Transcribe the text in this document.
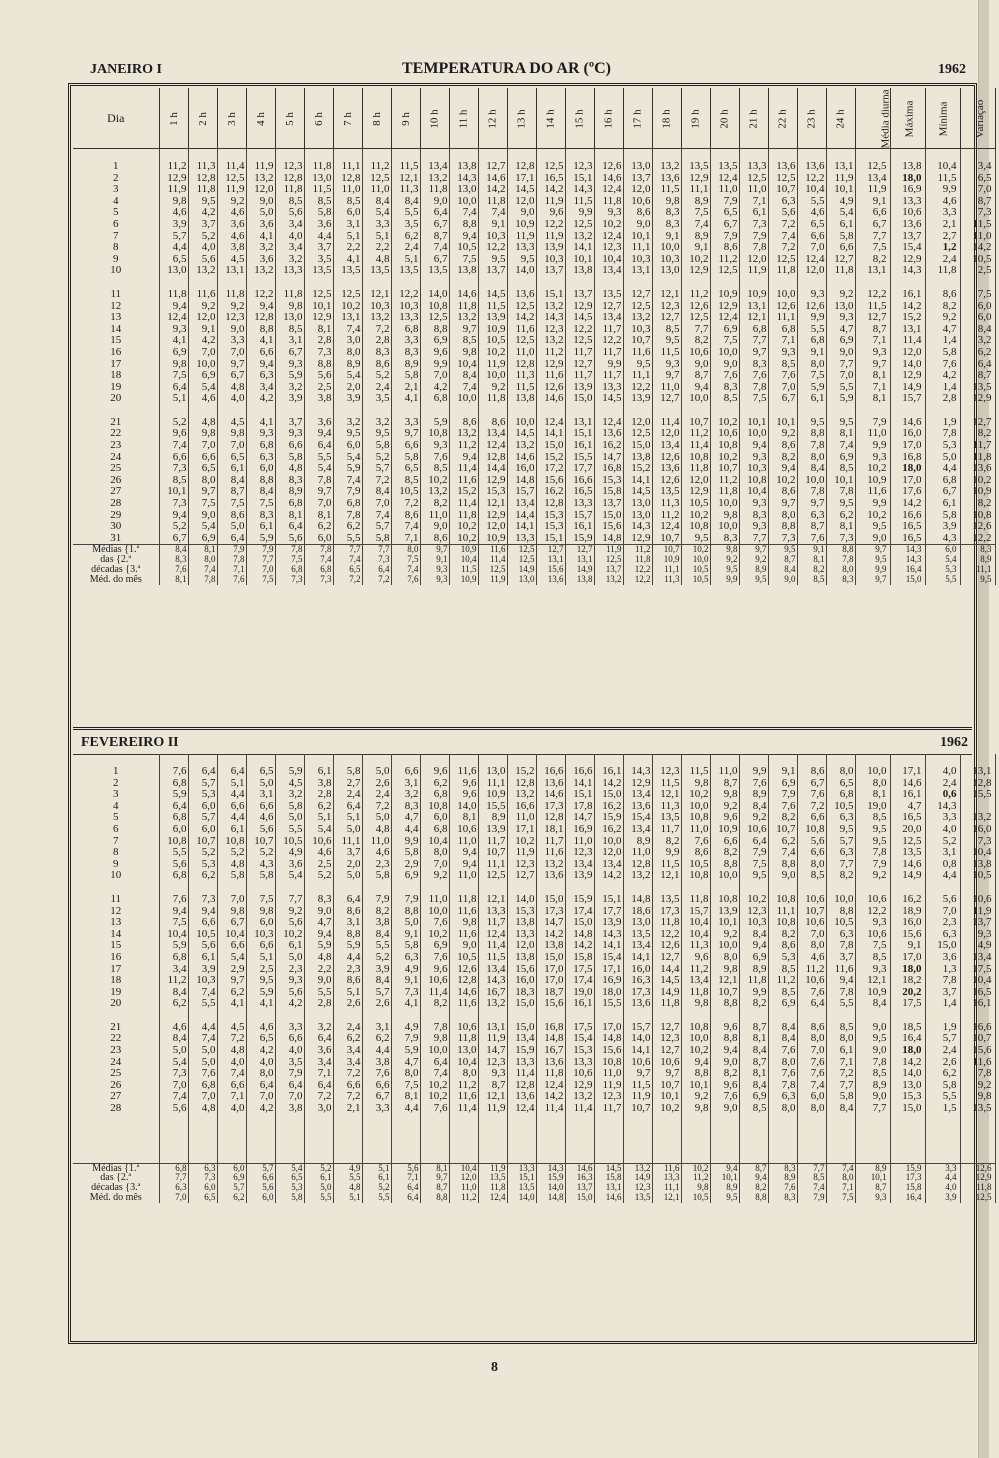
JANEIRO I	TEMPERATURA DO AR (ºC)	1962
Dia	1 h	2 h	3 h	4 h	5 h	6 h	7 h	8 h	9 h	10 h	11 h	12 h	13 h	14 h	15 h	16 h	17 h	18 h	19 h	20 h	21 h	22 h	23 h	24 h	Média diurna	Máxima	Mínima	Variação

1	11,2	11,3	11,4	11,9	12,3	11,8	11,1	11,2	11,5	13,4	13,8	12,7	12,8	12,5	12,3	12,6	13,0	13,2	13,5	13,5	13,3	13,6	13,6	13,1	12,5	13,8	10,4	3,4
2	12,9	12,8	12,5	13,2	12,8	13,0	12,8	12,5	12,1	13,2	14,3	14,6	17,1	16,5	15,1	14,6	13,7	13,6	12,9	12,4	12,5	12,5	12,2	11,9	13,4	18,0	11,5	6,5
3	11,9	11,8	11,9	12,0	11,8	11,5	11,0	11,0	11,3	11,8	13,0	14,2	14,5	14,2	14,3	12,4	12,0	11,5	11,1	11,0	11,0	10,7	10,4	10,1	11,9	16,9	9,9	7,0
4	9,8	9,5	9,2	9,0	8,5	8,5	8,5	8,4	8,4	9,0	10,0	11,8	12,0	11,9	11,5	11,8	10,6	9,8	8,9	7,9	7,1	6,3	5,5	4,9	9,1	13,3	4,6	8,7
5	4,6	4,2	4,6	5,0	5,6	5,8	6,0	5,4	5,5	6,4	7,4	7,4	9,0	9,6	9,9	9,3	8,6	8,3	7,5	6,5	6,1	5,6	4,6	5,4	6,6	10,6	3,3	7,3
6	3,9	3,7	3,6	3,6	3,4	3,6	3,1	3,3	3,5	6,7	8,8	9,1	10,9	12,2	12,5	10,2	9,0	8,3	7,4	6,7	7,3	7,2	6,5	6,1	6,7	13,6	2,1	11,5
7	5,7	5,2	4,6	4,1	4,0	4,4	5,1	5,1	6,2	8,7	9,4	10,3	11,9	11,9	13,2	12,4	10,1	9,1	8,9	7,9	7,9	7,4	6,6	5,8	7,7	13,7	2,7	11,0
8	4,4	4,0	3,8	3,2	3,4	3,7	2,2	2,2	2,4	7,4	10,5	12,2	13,3	13,9	14,1	12,3	11,1	10,0	9,1	8,6	7,8	7,2	7,0	6,6	7,5	15,4	1,2	14,2
9	6,5	5,6	4,5	3,6	3,2	3,5	4,1	4,8	5,1	6,7	7,5	9,5	9,5	10,3	10,1	10,4	10,3	10,3	10,2	11,2	12,0	12,5	12,4	12,7	8,2	12,9	2,4	10,5
10	13,0	13,2	13,1	13,2	13,3	13,5	13,5	13,5	13,5	13,5	13,8	13,7	14,0	13,7	13,8	13,4	13,1	13,0	12,9	12,5	11,9	11,8	12,0	11,8	13,1	14,3	11,8	2,5

11	11,8	11,6	11,8	12,2	11,8	12,5	12,5	12,1	12,2	14,0	14,6	14,5	13,6	15,1	13,7	13,5	12,7	12,1	11,2	10,9	10,9	10,0	9,3	9,2	12,2	16,1	8,6	7,5
12	9,4	9,2	9,2	9,4	9,8	10,1	10,2	10,3	10,3	10,8	11,8	11,5	12,5	13,2	12,9	12,7	12,5	12,3	12,6	12,9	13,1	12,6	12,6	13,0	11,5	14,2	8,2	6,0
13	12,4	12,0	12,3	12,8	13,0	12,9	13,1	13,2	13,3	12,5	13,2	13,9	14,2	14,3	14,5	13,4	13,2	12,7	12,5	12,4	12,1	11,1	9,9	9,3	12,7	15,2	9,2	6,0
14	9,3	9,1	9,0	8,8	8,5	8,1	7,4	7,2	6,8	8,8	9,7	10,9	11,6	12,3	12,2	11,7	10,3	8,5	7,7	6,9	6,8	6,8	5,5	4,7	8,7	13,1	4,7	8,4
15	4,1	4,2	3,3	4,1	3,1	2,8	3,0	2,8	3,3	6,9	8,5	10,5	12,5	13,2	12,5	12,2	10,7	9,5	8,2	7,5	7,7	7,1	6,8	6,9	7,1	11,4	1,4	3,2
16	6,9	7,0	7,0	6,6	6,7	7,3	8,0	8,3	8,3	9,6	9,8	10,2	11,0	11,2	11,7	11,7	11,6	11,5	10,6	10,0	9,7	9,3	9,1	9,0	9,3	12,0	5,8	6,2
17	9,8	10,0	9,7	9,4	9,3	8,8	8,9	8,6	8,9	9,9	10,4	11,9	12,8	12,9	12,7	9,9	9,5	9,3	9,0	9,0	8,3	8,5	8,0	7,7	9,7	14,0	7,6	6,4
18	7,5	6,9	6,7	6,3	5,9	5,6	5,4	5,2	5,8	7,0	8,4	10,0	11,3	11,6	11,7	11,7	11,1	9,7	8,7	7,6	7,6	7,6	7,5	7,0	8,1	12,9	4,2	8,7
19	6,4	5,4	4,8	3,4	3,2	2,5	2,0	2,4	2,1	4,2	7,4	9,2	11,5	12,6	13,9	13,3	12,2	11,0	9,4	8,3	7,8	7,0	5,9	5,5	7,1	14,9	1,4	13,5
20	5,1	4,6	4,0	4,2	3,9	3,8	3,9	3,5	4,1	6,8	10,0	11,8	13,8	14,6	15,0	14,5	13,9	12,7	10,0	8,5	7,5	6,7	6,1	5,9	8,1	15,7	2,8	12,9

21	5,2	4,8	4,5	4,1	3,7	3,6	3,2	3,2	3,3	5,9	8,6	8,6	10,0	12,4	13,1	12,4	12,0	11,4	10,7	10,2	10,1	10,1	9,5	9,5	7,9	14,6	1,9	12,7
22	9,6	9,8	9,8	9,3	9,3	9,4	9,5	9,5	9,7	10,8	13,2	13,4	14,5	14,1	15,1	13,6	12,5	12,0	11,2	10,6	10,0	9,2	8,8	8,1	11,0	16,0	7,8	8,2
23	7,4	7,0	7,0	6,8	6,6	6,4	6,0	5,8	6,6	9,3	11,2	12,4	13,2	15,0	16,1	16,2	15,0	13,4	11,4	10,8	9,4	8,6	7,8	7,4	9,9	17,0	5,3	11,7
24	6,6	6,6	6,5	6,3	5,8	5,5	5,4	5,2	5,8	7,6	9,4	12,8	14,6	15,2	15,5	14,7	13,8	12,6	10,8	10,2	9,3	8,2	8,0	6,9	9,3	16,8	5,0	11,8
25	7,3	6,5	6,1	6,0	4,8	5,4	5,9	5,7	6,5	8,5	11,4	14,4	16,0	17,2	17,7	16,8	15,2	13,6	11,8	10,7	10,3	9,4	8,4	8,5	10,2	18,0	4,4	13,6
26	8,5	8,0	8,4	8,8	8,3	7,8	7,4	7,2	8,5	10,2	11,6	12,9	14,8	15,6	16,6	15,3	14,1	12,6	12,0	11,2	10,8	10,2	10,0	10,1	10,9	17,0	6,8	10,2
27	10,1	9,7	8,7	8,4	8,9	9,7	7,9	8,4	10,5	13,2	15,2	15,3	15,7	16,2	16,5	15,8	14,5	13,5	12,9	11,8	10,4	8,6	7,8	7,8	11,6	17,6	6,7	10,9
28	7,3	7,5	7,5	7,5	6,8	7,0	6,8	7,0	7,2	8,2	11,4	12,1	13,4	12,8	13,3	13,7	13,0	11,3	10,5	10,0	9,3	9,7	9,7	9,5	9,9	14,2	6,1	8,2
29	9,4	9,0	8,6	8,3	8,1	8,1	7,8	7,4	8,6	11,0	11,8	12,9	14,4	15,3	15,7	15,0	13,0	11,2	10,2	9,8	8,3	8,0	6,3	6,2	10,2	16,6	5,8	10,8
30	5,2	5,4	5,0	6,1	6,4	6,2	6,2	5,7	7,4	9,0	10,2	12,0	14,1	15,3	16,1	15,6	14,3	12,4	10,8	10,0	9,3	8,8	8,7	8,1	9,5	16,5	3,9	12,6
31	6,7	6,9	6,4	5,9	5,6	6,0	5,5	5,8	7,1	8,6	10,2	10,9	13,3	15,1	15,9	14,8	12,9	10,7	9,5	8,3	7,7	7,3	7,6	7,3	9,0	16,5	4,3	12,2
Médias {1.ª	8,4	8,1	7,9	7,9	7,8	7,8	7,7	7,7	8,0	9,7	10,9	11,6	12,5	12,7	12,7	11,9	11,2	10,7	10,2	9,8	9,7	9,5	9,1	8,8	9,7	14,3	6,0	8,3
das {2.ª	8,3	8,0	7,8	7,7	7,5	7,4	7,4	7,3	7,5	9,1	10,4	11,4	12,5	13,1	13,1	12,5	11,8	10,9	10,0	9,2	9,2	8,7	8,1	7,8	9,5	14,3	5,4	8,9
décadas {3.ª	7,6	7,4	7,1	7,0	6,8	6,8	6,5	6,4	7,4	9,3	11,5	12,5	14,9	15,6	14,9	13,7	12,2	11,1	10,5	9,5	8,9	8,4	8,2	8,0	9,9	16,4	5,3	11,1
Méd. do mês	8,1	7,8	7,6	7,5	7,3	7,3	7,2	7,2	7,6	9,3	10,9	11,9	13,0	13,6	13,8	13,2	12,2	11,3	10,5	9,9	9,5	9,0	8,5	8,3	9,7	15,0	5,5	9,5
FEVEREIRO II	1962

1	7,6	6,4	6,4	6,5	5,9	6,1	5,8	5,0	6,6	9,6	11,6	13,0	15,2	16,6	16,6	16,1	14,3	12,3	11,5	11,0	9,9	9,1	8,6	8,0	10,0	17,1	4,0	13,1
2	6,8	5,7	5,1	5,0	4,5	3,8	2,7	2,6	3,1	6,2	9,6	11,1	12,8	13,6	14,1	14,2	12,9	11,5	9,8	8,7	7,6	6,9	6,7	6,5	8,0	14,6	2,4	12,8
3	5,9	5,3	4,4	3,1	3,2	2,8	2,4	2,4	3,2	6,8	9,6	10,9	13,2	14,6	15,1	15,0	13,4	12,1	10,2	9,8	8,9	7,9	7,6	6,8	8,1	16,1	0,6	15,5
4	6,4	6,0	6,6	6,6	5,8	6,2	6,4	7,2	8,3	10,8	14,0	15,5	16,6	17,3	17,8	16,2	13,6	11,3	10,0	9,2	8,4	7,6	7,2	10,5	19,0	4,7	14,3	
5	6,8	5,7	4,4	4,6	5,0	5,1	5,1	5,0	4,7	6,0	8,1	8,9	11,0	12,8	14,7	15,9	15,4	13,5	10,8	9,6	9,2	8,2	6,6	6,3	8,5	16,5	3,3	13,2
6	6,0	6,0	6,1	5,6	5,5	5,4	5,0	4,8	4,4	6,8	10,6	13,9	17,1	18,1	16,9	16,2	13,4	11,7	11,0	10,9	10,6	10,7	10,8	9,5	9,5	20,0	4,0	16,0
7	10,8	10,7	10,8	10,7	10,5	10,6	11,1	11,0	9,9	10,4	11,0	11,7	10,2	11,7	11,0	10,0	8,9	8,2	7,6	6,6	6,4	6,2	5,6	5,7	9,5	12,5	5,2	7,3
8	5,5	5,2	5,2	5,2	4,9	4,6	3,7	4,6	5,8	8,0	9,4	10,7	11,9	11,6	12,3	12,0	11,0	9,9	8,6	8,2	7,9	7,4	6,6	6,3	7,8	13,5	3,1	10,4
9	5,6	5,3	4,8	4,3	3,6	2,5	2,0	2,3	2,9	7,0	9,4	11,1	12,3	13,2	13,4	13,4	12,8	11,5	10,5	8,8	7,5	8,8	8,0	7,7	7,9	14,6	0,8	13,8
10	6,8	6,2	5,8	5,8	5,4	5,2	5,0	5,8	6,9	9,2	11,0	12,5	12,7	13,6	13,9	14,2	13,2	12,1	10,8	10,0	9,5	9,0	8,5	8,2	9,2	14,9	4,4	10,5

11	7,6	7,3	7,0	7,5	7,7	8,3	6,4	7,9	7,9	11,0	11,8	12,1	14,0	15,0	15,9	15,1	14,8	13,5	11,8	10,8	10,2	10,8	10,6	10,0	10,6	16,2	5,6	10,6
12	9,4	9,4	9,8	9,8	9,2	9,0	8,6	8,2	8,8	10,0	11,6	13,3	15,3	17,3	17,4	17,7	18,6	17,3	15,7	13,9	12,3	11,1	10,7	8,8	12,2	18,9	7,0	11,9
13	7,5	6,6	6,7	6,0	5,6	4,7	3,1	3,8	5,0	7,6	9,8	11,7	13,8	14,7	15,0	13,9	13,0	11,8	10,4	10,1	10,3	10,8	10,6	10,5	9,3	16,0	2,3	13,7
14	10,4	10,5	10,4	10,3	10,2	9,4	8,8	8,4	9,1	10,2	11,6	12,4	13,3	14,2	14,8	14,3	13,5	12,2	10,4	9,2	8,4	8,2	7,0	6,3	10,6	15,6	6,3	9,3
15	5,9	5,6	6,6	6,6	6,1	5,9	5,9	5,5	5,8	6,9	9,0	11,4	12,0	13,8	14,2	14,1	13,4	12,6	11,3	10,0	9,4	8,6	8,0	7,8	7,5	9,1	15,0	4,9
16	6,8	6,1	5,4	5,1	5,0	4,8	4,4	5,2	6,3	7,6	10,5	11,5	13,8	15,0	15,8	15,4	14,1	12,7	9,6	8,0	6,9	5,3	4,6	3,7	8,5	17,0	3,6	13,4
17	3,4	3,9	2,9	2,5	2,3	2,2	2,3	3,9	4,9	9,6	12,6	13,4	15,6	17,0	17,5	17,1	16,0	14,4	11,2	9,8	8,9	8,5	11,2	11,6	9,3	18,0	1,3	17,5
18	11,2	10,3	9,7	9,5	9,3	9,0	8,6	8,4	9,1	10,6	12,8	14,3	16,0	17,0	17,4	16,9	16,3	14,5	13,4	12,1	11,8	11,2	10,6	9,4	12,1	18,2	7,8	10,4
19	8,4	7,4	6,2	5,9	5,6	5,5	5,1	5,7	7,3	11,4	14,6	16,7	18,3	18,7	19,0	18,0	17,3	14,9	11,8	10,7	9,9	8,5	7,6	7,8	10,9	20,2	3,7	16,5
20	6,2	5,5	4,1	4,1	4,2	2,8	2,6	2,6	4,1	8,2	11,6	13,2	15,0	15,6	16,1	15,5	13,6	11,8	9,8	8,8	8,2	6,9	6,4	5,5	8,4	17,5	1,4	16,1

21	4,6	4,4	4,5	4,6	3,3	3,2	2,4	3,1	4,9	7,8	10,6	13,1	15,0	16,8	17,5	17,0	15,7	12,7	10,8	9,6	8,7	8,4	8,6	8,5	9,0	18,5	1,9	16,6
22	8,4	7,4	7,2	6,5	6,6	6,4	6,2	6,2	7,9	9,8	11,8	11,9	13,4	14,8	15,4	14,8	14,0	12,3	10,0	8,8	8,1	8,4	8,0	8,0	9,5	16,4	5,7	10,7
23	5,0	5,0	4,8	4,2	4,0	3,6	3,4	4,4	5,9	10,0	13,0	14,7	15,9	16,7	15,3	15,6	14,1	12,7	10,2	9,4	8,4	7,6	7,0	6,1	9,0	18,0	2,4	15,6
24	5,4	5,0	4,0	4,0	3,5	3,4	3,4	3,8	4,7	6,4	10,4	12,3	13,3	13,6	13,3	10,8	10,6	10,6	9,4	9,0	8,7	8,0	7,6	7,1	7,8	14,2	2,6	11,6
25	7,3	7,6	7,4	8,0	7,9	7,1	7,2	7,6	8,0	7,4	8,0	9,3	11,4	11,8	10,6	11,0	9,7	9,7	8,8	8,2	8,1	7,6	7,6	7,2	8,5	14,0	6,2	7,8
26	7,0	6,8	6,6	6,4	6,4	6,4	6,6	6,6	7,5	10,2	11,2	8,7	12,8	12,4	12,9	11,9	11,5	10,7	10,1	9,6	8,4	7,8	7,4	7,7	8,9	13,0	5,8	9,2
27	7,4	7,0	7,1	7,0	7,0	7,2	7,2	6,7	8,1	10,2	11,6	12,1	13,6	14,2	13,2	12,3	11,9	10,1	9,2	7,6	6,9	6,3	6,0	5,8	9,0	15,3	5,5	9,8
28	5,6	4,8	4,0	4,2	3,8	3,0	2,1	3,3	4,4	7,6	11,4	11,9	12,4	11,4	11,4	11,7	10,7	10,2	9,8	9,0	8,5	8,0	8,0	8,4	7,7	15,0	1,5	13,5

Médias {1.ª	6,8	6,3	6,0	5,7	5,4	5,2	4,9	5,1	5,6	8,1	10,4	11,9	13,3	14,3	14,6	14,5	13,2	11,6	10,2	9,4	8,7	8,3	7,7	7,4	8,9	15,9	3,3	12,6
das {2.ª	7,7	7,3	6,9	6,6	6,5	6,1	5,5	6,1	7,1	9,7	12,0	13,5	15,1	15,9	16,3	15,8	14,9	13,3	11,2	10,1	9,4	8,9	8,5	8,0	10,1	17,3	4,4	12,9
décadas {3.ª	6,3	6,0	5,7	5,6	5,3	5,0	4,8	5,2	6,4	8,7	11,0	11,8	13,5	14,0	13,7	13,1	12,3	11,1	9,8	8,9	8,2	7,6	7,4	7,1	8,7	15,8	4,0	11,8
Méd. do mês	7,0	6,5	6,2	6,0	5,8	5,5	5,1	5,5	6,4	8,8	11,2	12,4	14,0	14,8	15,0	14,6	13,5	12,1	10,5	9,5	8,8	8,3	7,9	7,5	9,3	16,4	3,9	12,5
8
